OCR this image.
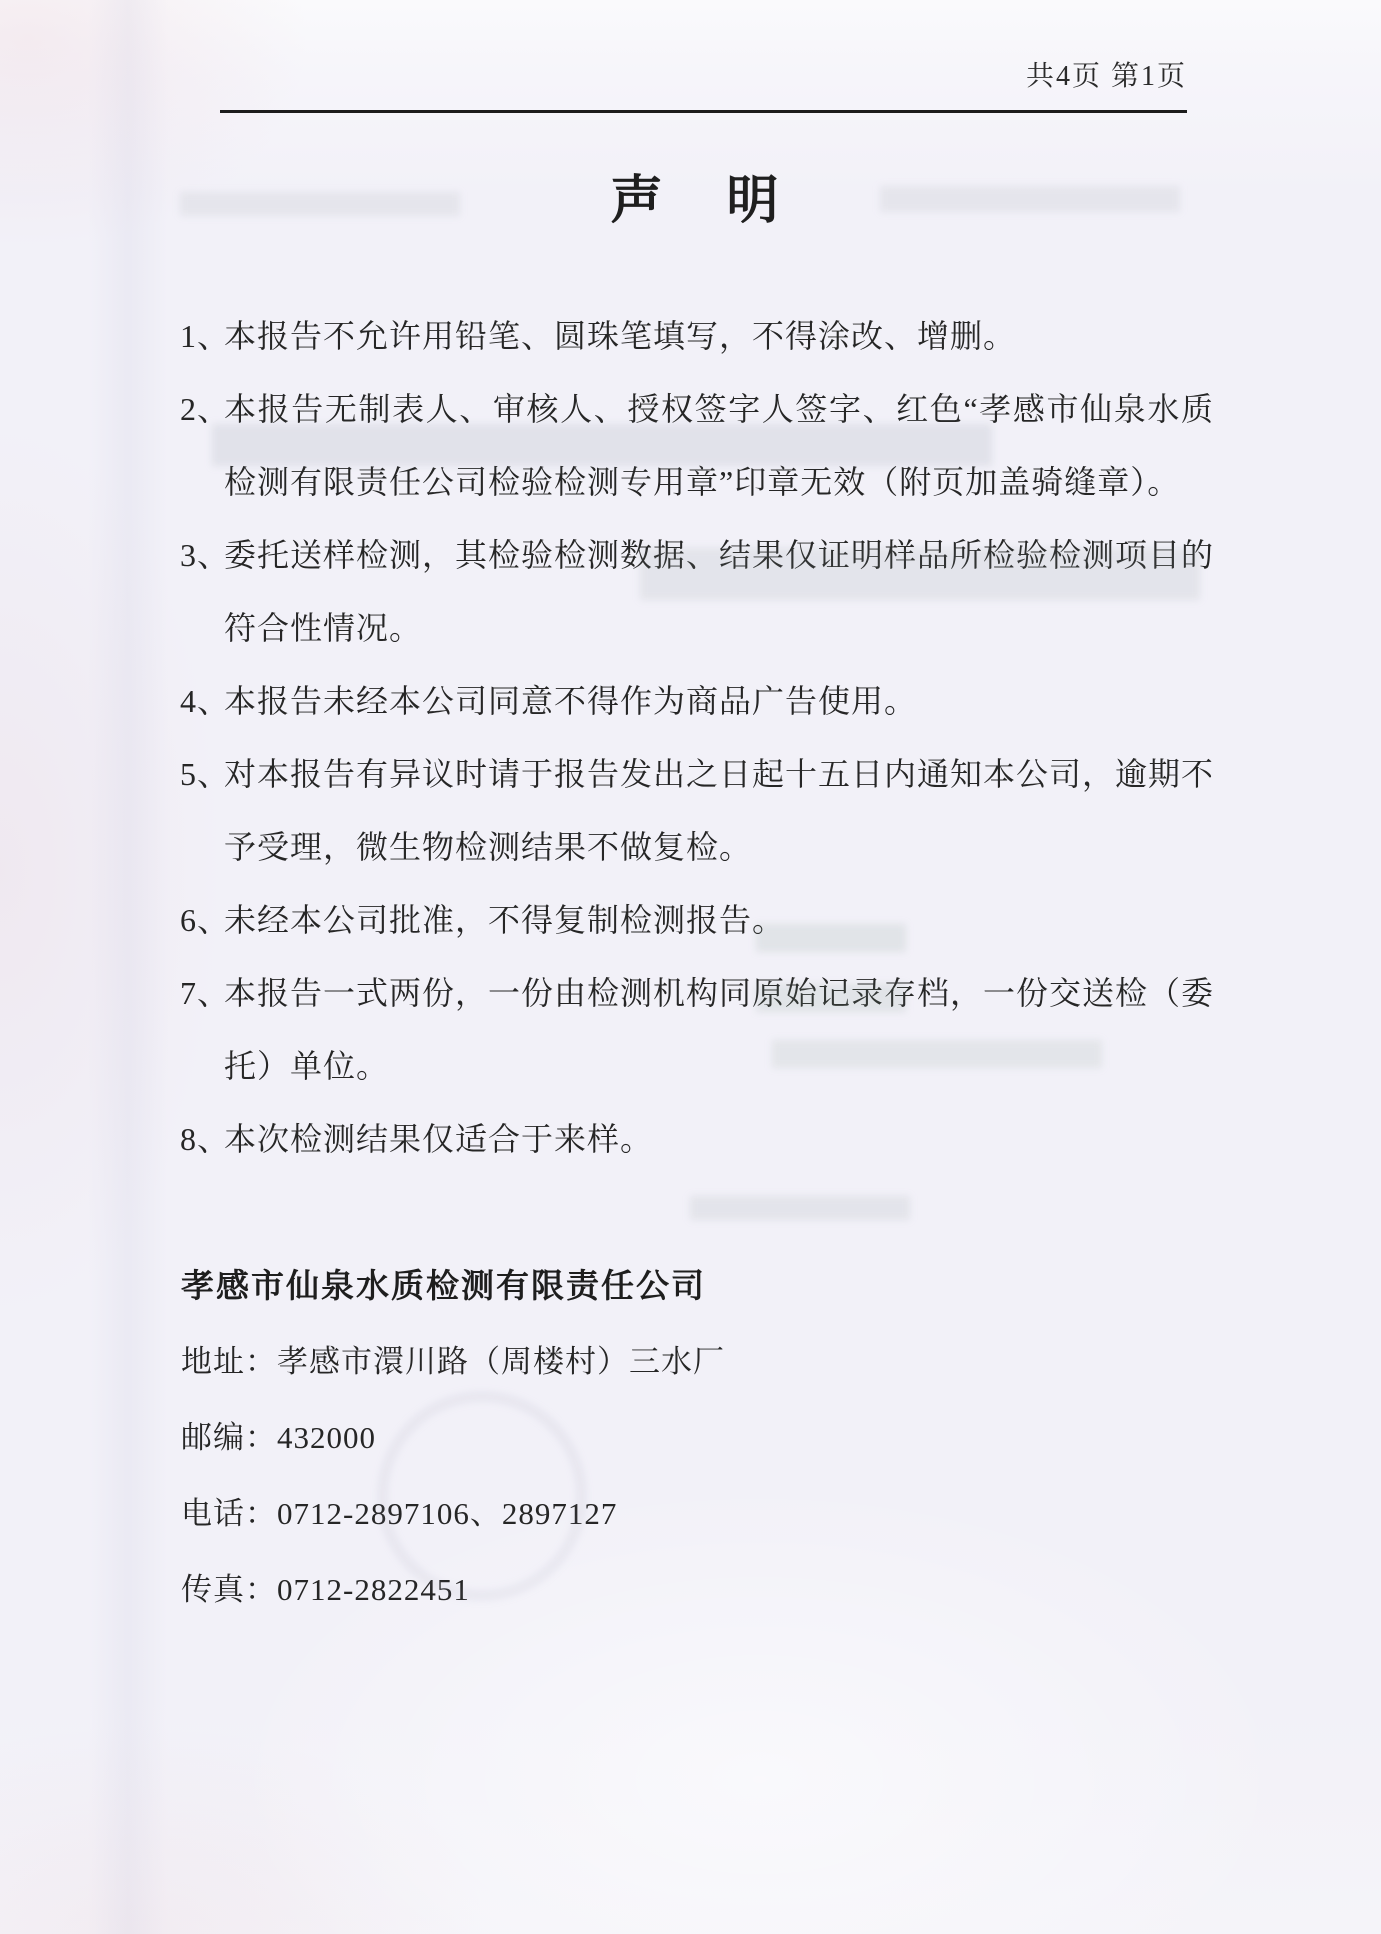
共4页 第1页
声　明
1、
本报告不允许用铅笔、圆珠笔填写，不得涂改、增删。
2、
本报告无制表人、审核人、授权签字人签字、红色“孝感市仙泉水质检测有限责任公司检验检测专用章”印章无效（附页加盖骑缝章）。
3、
委托送样检测，其检验检测数据、结果仅证明样品所检验检测项目的符合性情况。
4、
本报告未经本公司同意不得作为商品广告使用。
5、
对本报告有异议时请于报告发出之日起十五日内通知本公司，逾期不予受理，微生物检测结果不做复检。
6、
未经本公司批准，不得复制检测报告。
7、
本报告一式两份，一份由检测机构同原始记录存档，一份交送检（委托）单位。
8、
本次检测结果仅适合于来样。
孝感市仙泉水质检测有限责任公司
地址：孝感市澴川路（周楼村）三水厂
邮编：432000
电话：0712-2897106、2897127
传真：0712-2822451
